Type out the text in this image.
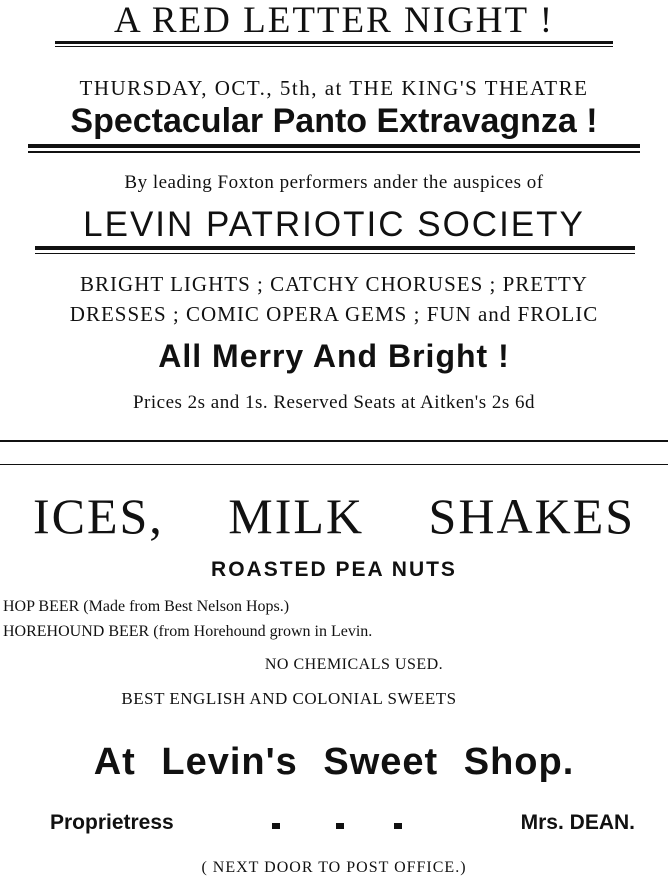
A RED LETTER NIGHT !
THURSDAY, OCT., 5th, at THE KING'S THEATRE
Spectacular Panto Extravagnza !
By leading Foxton performers ander the auspices of
LEVIN PATRIOTIC SOCIETY
BRIGHT LIGHTS ; CATCHY CHORUSES ; PRETTY
DRESSES ; COMIC OPERA GEMS ; FUN and FROLIC
All Merry And Bright !
Prices 2s and 1s. Reserved Seats at Aitken's 2s 6d
ICES, MILK SHAKES
ROASTED PEA NUTS
HOP BEER (Made from Best Nelson Hops.)
HOREHOUND BEER (from Horehound grown in Levin.
NO CHEMICALS USED.
BEST ENGLISH AND COLONIAL SWEETS
At Levin's Sweet Shop.
Proprietress	Mrs. DEAN.
( NEXT DOOR TO POST OFFICE.)
